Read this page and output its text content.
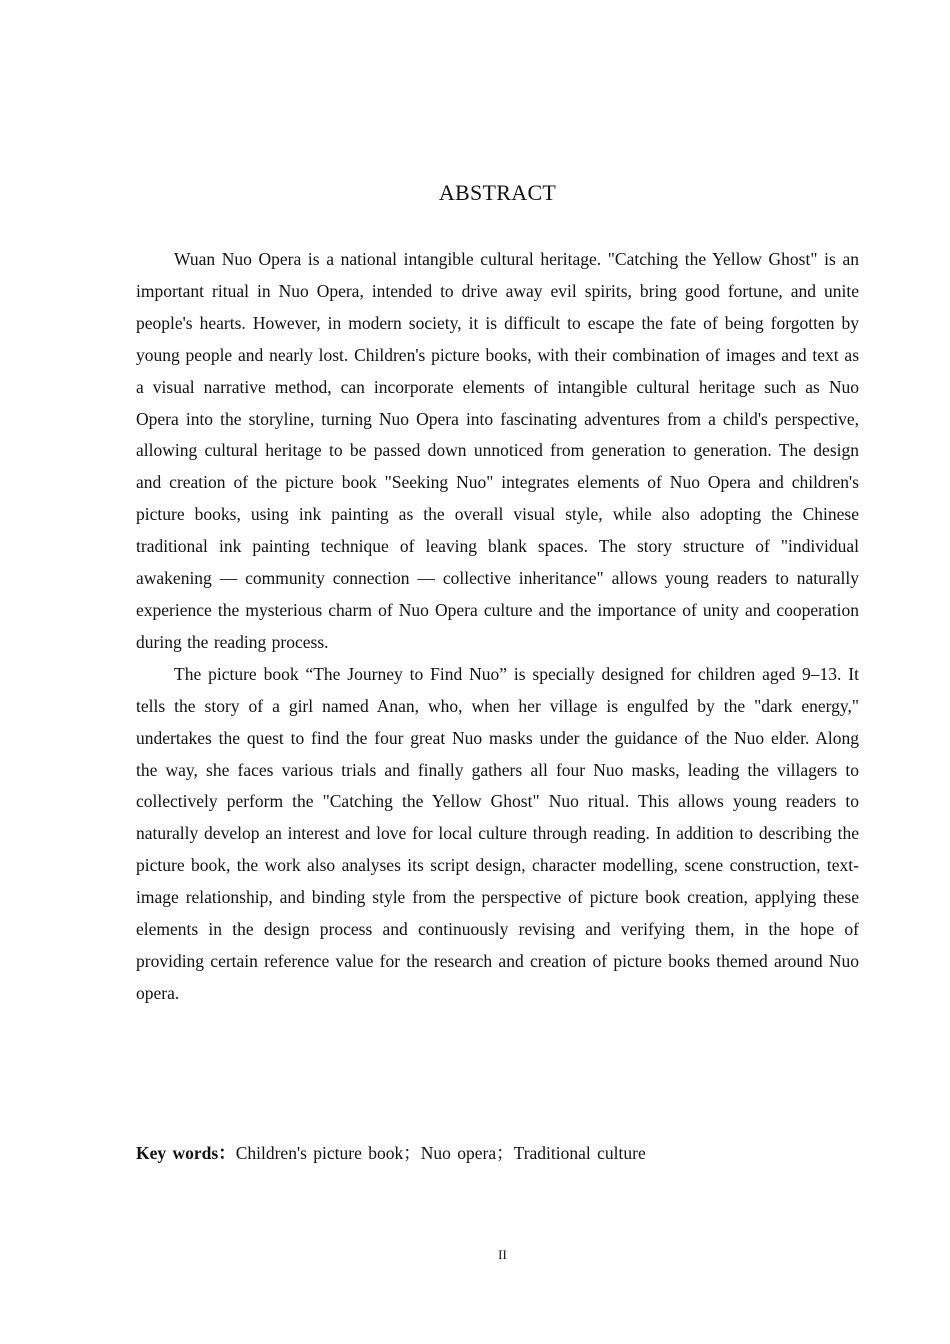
ABSTRACT

Wuan Nuo Opera is a national intangible cultural heritage. "Catching the Yellow Ghost" is an important ritual in Nuo Opera, intended to drive away evil spirits, bring good fortune, and unite people's hearts. However, in modern society, it is difficult to escape the fate of being forgotten by young people and nearly lost. Children's picture books, with their combination of images and text as a visual narrative method, can incorporate elements of intangible cultural heritage such as Nuo Opera into the storyline, turning Nuo Opera into fascinating adventures from a child's perspective, allowing cultural heritage to be passed down unnoticed from generation to generation. The design and creation of the picture book "Seeking Nuo" integrates elements of Nuo Opera and children's picture books, using ink painting as the overall visual style, while also adopting the Chinese traditional ink painting technique of leaving blank spaces. The story structure of "individual awakening — community connection — collective inheritance" allows young readers to naturally experience the mysterious charm of Nuo Opera culture and the importance of unity and cooperation during the reading process.

The picture book “The Journey to Find Nuo” is specially designed for children aged 9–13. It tells the story of a girl named Anan, who, when her village is engulfed by the "dark energy," undertakes the quest to find the four great Nuo masks under the guidance of the Nuo elder. Along the way, she faces various trials and finally gathers all four Nuo masks, leading the villagers to collectively perform the "Catching the Yellow Ghost" Nuo ritual. This allows young readers to naturally develop an interest and love for local culture through reading. In addition to describing the picture book, the work also analyses its script design, character modelling, scene construction, text-image relationship, and binding style from the perspective of picture book creation, applying these elements in the design process and continuously revising and verifying them, in the hope of providing certain reference value for the research and creation of picture books themed around Nuo opera.

Key words：Children's picture book；Nuo opera；Traditional culture

II
